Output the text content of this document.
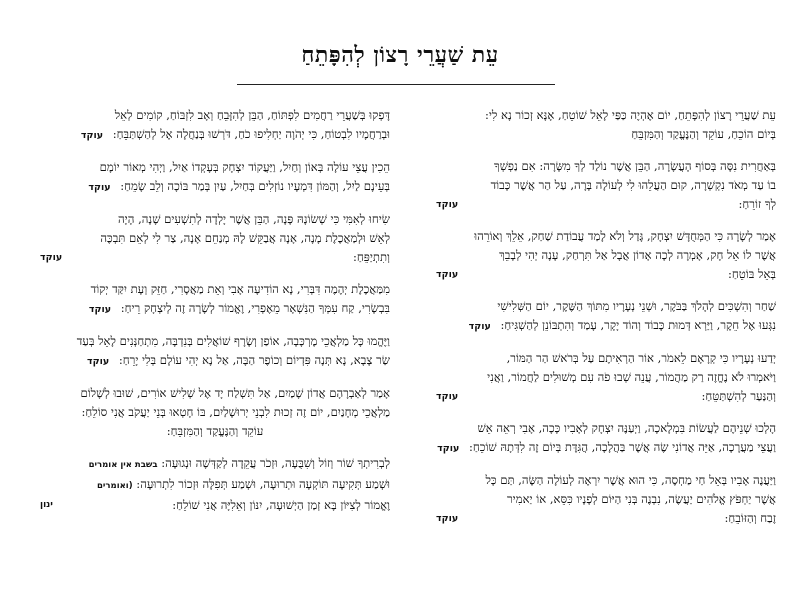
עֵת שַׁעֲרֵי רָצוֹן לְהִפָּתֵחַ
עֵת שַׁעֲרֵי רָצוֹן לְהִפָּתֵחַ, יוֹם אֶהְיֶה כַּפַּי לָאֵל שׁוֹטֵחַ, אָנָּא זְכוֹר נָא לִי:
בְּיוֹם הוֹכֵחַ, עוֹקֵד וְהַנֶּעֱקַד וְהַמִּזְבֵּחַ
בְּאַחֲרִית נִסָּה בְּסוֹף הָעֲשָׂרָה, הַבֵּן אֲשֶׁר נוֹלַד לְךָ מִשָּׂרָה: אִם נַפְשְׁךָ
בוֹ עַד מְאֹד נִקְשְׁרָה, קוּם הַעֲלֵהוּ לִי לְעוֹלָה בָּרָה, עַל הַר אֲשֶׁר כָּבוֹד
לְךָ זוֹרֵחַ:
עוקד
אָמַר לְשָׂרָה כִּי הַמְּחֻדָּשׁ יִצְחָק, גָּדַל וְלֹא לָמַד עֲבוֹדַת שַׁחַק, אֵלֵךְ וְאוֹרֵהוּ
אֲשֶׁר לוֹ אֵל חָק, אָמְרָה לְכָה אָדוֹן אֲבָל אַל תִּרְחַק, עָנָה יְהִי לְבָבֵךְ
בְּאֵל בּוֹטֵחַ:
עוקד
שַׁחַר וְהִשְׁכִּים לְהָלֹךְ בַּבֹּקֶר, וּשְׁנֵי נְעָרָיו מִתּוֹךְ הַשֶּׁקֶר, יוֹם הַשְּׁלִישִׁי
נִגְּעוּ אֶל חֵקֶר, וַיַּרְא דְּמוּת כָּבוֹד וְהוֹד יָקָר, עָמַד וְהִתְבּוֹנֵן לְהַשְׁגִּיחַ: עוקד
יְדַעוּ נְעָרָיו כִּי קְרָאָם לֵאמֹר, אוֹר הַרְאִיתֶם עַל בְּרֹאשׁ הַר הַמּוֹר,
וַיֹּאמְרוּ לֹא נֶחֱזֶה רַק מַהֲמוֹר, עֲנֵה שְׁבוּ פֹה עִם מְשׁוּלִים לַחֲמוֹר, וַאֲנִי
וְהַנַּעַר לְהִשְׁתַּטֵּחַ:
עוקד
הָלְכוּ שְׁנֵיהֶם לַעֲשׂוֹת בִּמְלָאכָה, וַיְעַנֶּה יִצְחָק לְאָבִיו כָּכָה, אָבִי רְאֵה אֵשׁ
וַעֲצֵי מַעֲרָכָה, אַיֵּה אֲדוֹנִי שֶׂה אֲשֶׁר בַּהֲלָכָה, הֲגִּדֶּת בְּיוֹם זֶה לִדְּתָהּ שׁוֹכֵחַ: עוקד
וַיַּעֲנֶה אָבִיו בְּאֵל חַי מַחְסֶה, כִּי הוּא אֲשֶׁר יִרְאֶה לְעוֹלָה הַשֶּׂה, תַּם כָּל
אֲשֶׁר יַחְפֹּץ אֱלֹהִים יַעֲשֶׂה, נִבְנֶה בְּנִי הַיּוֹם לְפָנָיו כִּסֵּא, אוֹ יַאמִיר
זֶבַח וְהַזּוֹבֵחַ:
עוקד
דָּפְקוּ בְּשַׁעֲרֵי רַחֲמִים לִפְתּוֹחַ, הַבֵּן לְהִזָּבֵחַ וְאָב לִזְבּוֹחַ, קוֹמִים לְאֵל
וּבְרַחֲמָיו לִבְטוֹחַ, כִּי יְהֹוָה יַחְלִיפוּ כֹחַ, דֹּרְשׁוּ בְּנַחֲלָה אֶל לְהַשְׁתַּבֵּחַ: עוקד
הֵכִין עֲצֵי עוֹלָה בְּאוֹן וְחַיִל, וַיַּעֲקוֹד יִצְחָק בְּעָקְדוֹ אַיִל, וַיְהִי מְאוֹר יוֹמָם
בְּעֵינָם לַיִל, וְהַמּוֹן דִּמְעָיו נוֹזְלִים בְּחַיִל, עַיִן בְּמַר בּוֹכָה וְלֵב שָׂמֵחַ: עוקד
שִׂיחוּ לְאִמִּי כִּי שְׁשׂוֹנָהּ פָּנָה, הַבֵּן אֲשֶׁר יָלְדָה לְתִשְׁעִים שָׁנָה, הָיָה
לְאֵשׁ וּלְמַאֲכֶלֶת מָנָה, אָנָה אֲבַקֵּשׁ לָהּ מְנַחֵם אָנָה, צַר לִי לְאֵם תִּבְכֶּה
וְתִתְיַפֵּחַ:
עוקד
מִמַּאֲכֶלֶת יְהֶמֶה דִּבְּרִי, נָא הוֹדִיעָה אָבִי וְאֵת מַאֲסָרִי, חַזֵּק וְעָת יִקַּד יְקוֹד
בִּבְשָׂרִי, קַח עִמְּךָ הַנִּשְׁאָר מֵאֶפְרִי, וֶאֱמוֹר לְשָׂרָה זֶה לְיִצְחָק רֵיחַ: עוקד
וַיֶּהֱמוּ כָּל מַלְאֲכֵי מֶרְכָּבָה, אוֹפַן וְשָׂרָף שׁוֹאֲלִים בְּנִדְבָּה, מִתְחַנְּנִים לָאֵל בְּעַד
שַׂר צָבָא, נָא תְּנָה פִּדְיוֹם וְכוֹפֶר הַבָּה, אַל נָא יְהִי עוֹלָם בְּלִי יָרֵחַ: עוקד
אָמַר לְאַבְרָהָם אֲדוֹן שָׁמַיִם, אַל תִּשְׁלַח יָד אֶל שְׁלִישׁ אוֹרִים, שׁוּבוּ לְשָׁלוֹם
מַלְאֲכֵי מְחָנַיִם, יוֹם זֶה זְכוּת לִבְנֵי יְרוּשָׁלַיִם, בּוֹ חָטְאוּ בְּנֵי יַעֲקֹב אֲנִי סוֹלֵחַ:
עוֹקֵד וְהַנֶּעֱקַד וְהַמִּזְבֵּחַ:
לְבְרִיתְךָ שׁוֹר וְזוֹל וְשִׁבֻּעָה, וּזְכֹר עֲקֵדָה לְקַדְּשָׁה וּנְגוּעָה: בשבת אין אומרים
וּשְׁמַע תְּקִיעָה תּוֹקְעָה וּתְרוּעָה, וּשְׁמַע תְּפִלָּה וּזְכוֹר לִתְרוּעָה: (ואומרים
וֶאֱמוֹר לְצִיּוֹן בָּא זְמַן הַיְשׁוּעָה, יִנּוֹן וְאֵלִיָּה אֲנִי שׁוֹלֵחַ:
ינון
